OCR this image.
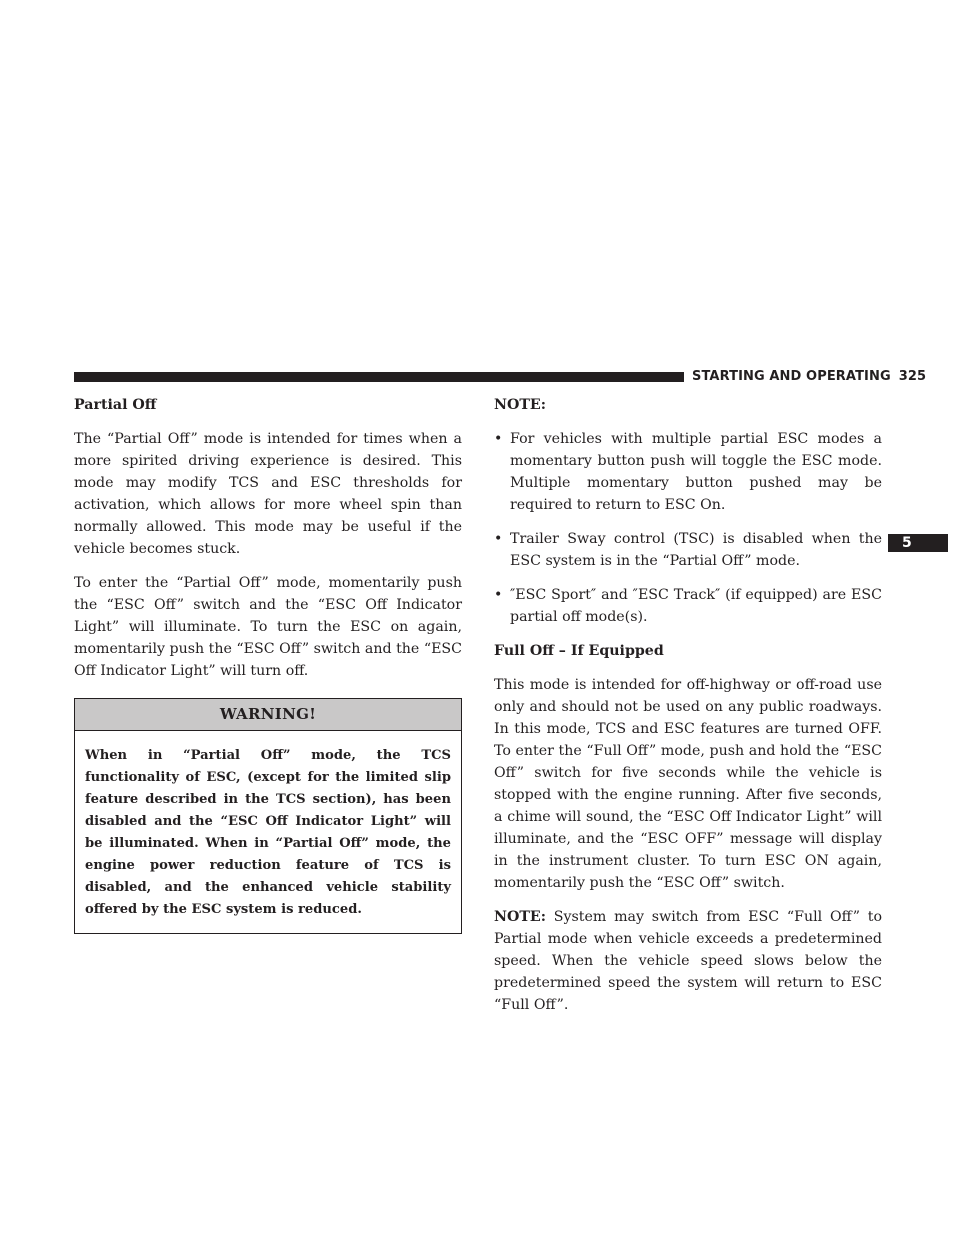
STARTING AND OPERATING 325
5
Partial Off

The “Partial Off” mode is intended for times when a more spirited driving experience is desired. This mode may modify TCS and ESC thresholds for activation, which allows for more wheel spin than normally allowed. This mode may be useful if the vehicle becomes stuck.

To enter the “Partial Off” mode, momentarily push the “ESC Off” switch and the “ESC Off Indicator Light” will illuminate. To turn the ESC on again, momentarily push the “ESC Off” switch and the “ESC Off Indicator Light” will turn off.

WARNING!
When in “Partial Off” mode, the TCS functionality of ESC, (except for the limited slip feature described in the TCS section), has been disabled and the “ESC Off Indicator Light” will be illuminated. When in “Partial Off” mode, the engine power reduction feature of TCS is disabled, and the enhanced vehicle stability offered by the ESC system is reduced.
NOTE:
• For vehicles with multiple partial ESC modes a momentary button push will toggle the ESC mode. Multiple momentary button pushed may be required to return to ESC On.
• Trailer Sway control (TSC) is disabled when the ESC system is in the “Partial Off” mode.
• ″ESC Sport″ and ″ESC Track″ (if equipped) are ESC partial off mode(s).
Full Off – If Equipped

This mode is intended for off-highway or off-road use only and should not be used on any public roadways. In this mode, TCS and ESC features are turned OFF. To enter the “Full Off” mode, push and hold the “ESC Off” switch for five seconds while the vehicle is stopped with the engine running. After five seconds, a chime will sound, the “ESC Off Indicator Light” will illuminate, and the “ESC OFF” message will display in the instrument cluster. To turn ESC ON again, momentarily push the “ESC Off” switch.

NOTE: System may switch from ESC “Full Off” to Partial mode when vehicle exceeds a predetermined speed. When the vehicle speed slows below the predetermined speed the system will return to ESC “Full Off”.
